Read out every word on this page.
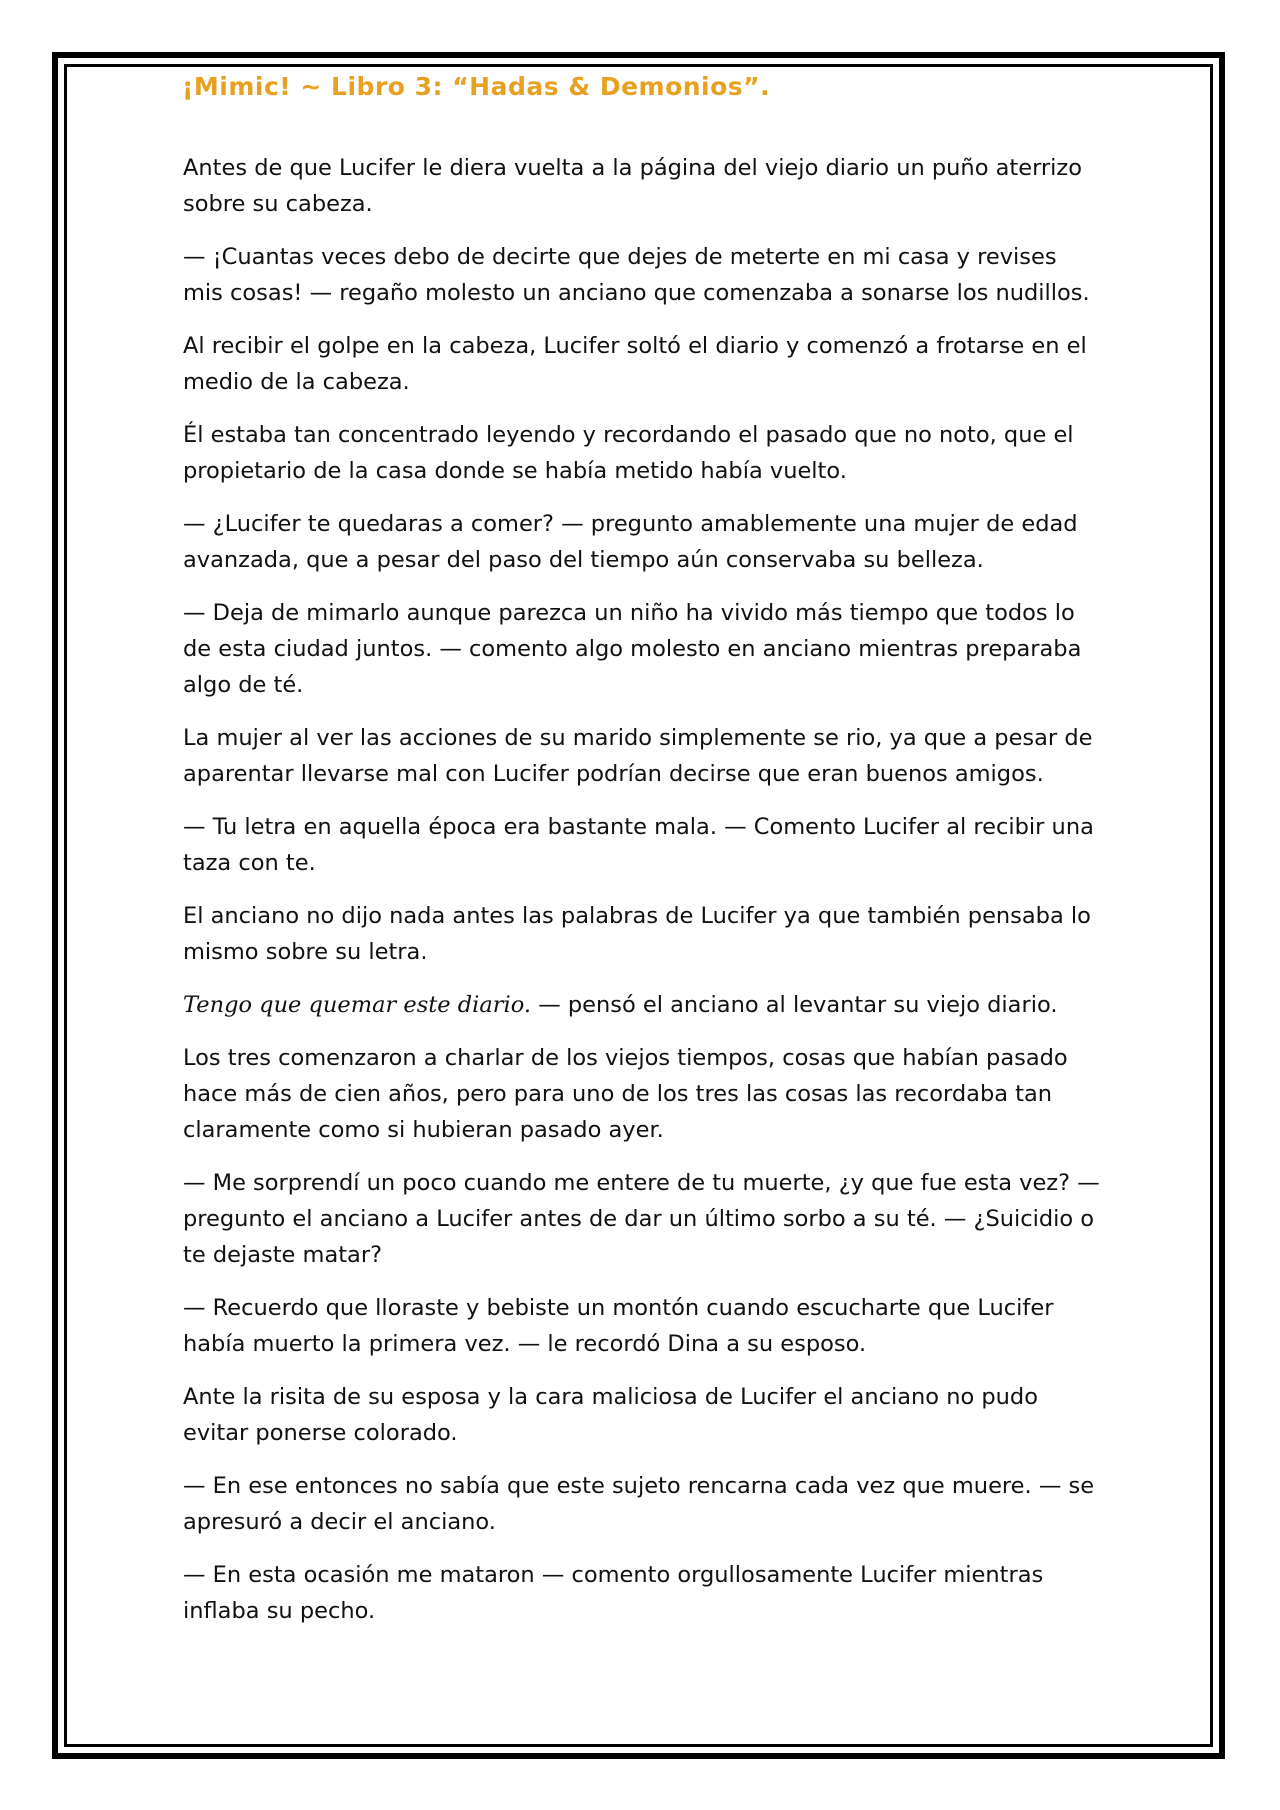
¡Mimic! ~ Libro 3: “Hadas & Demonios”.

Antes de que Lucifer le diera vuelta a la página del viejo diario un puño aterrizo sobre su cabeza.

— ¡Cuantas veces debo de decirte que dejes de meterte en mi casa y revises mis cosas! — regaño molesto un anciano que comenzaba a sonarse los nudillos.

Al recibir el golpe en la cabeza, Lucifer soltó el diario y comenzó a frotarse en el medio de la cabeza.

Él estaba tan concentrado leyendo y recordando el pasado que no noto, que el propietario de la casa donde se había metido había vuelto.

— ¿Lucifer te quedaras a comer? — pregunto amablemente una mujer de edad avanzada, que a pesar del paso del tiempo aún conservaba su belleza.

— Deja de mimarlo aunque parezca un niño ha vivido más tiempo que todos lo de esta ciudad juntos. — comento algo molesto en anciano mientras preparaba algo de té.

La mujer al ver las acciones de su marido simplemente se rio, ya que a pesar de aparentar llevarse mal con Lucifer podrían decirse que eran buenos amigos.

— Tu letra en aquella época era bastante mala. — Comento Lucifer al recibir una taza con te.

El anciano no dijo nada antes las palabras de Lucifer ya que también pensaba lo mismo sobre su letra.

Tengo que quemar este diario. — pensó el anciano al levantar su viejo diario.

Los tres comenzaron a charlar de los viejos tiempos, cosas que habían pasado hace más de cien años, pero para uno de los tres las cosas las recordaba tan claramente como si hubieran pasado ayer.

— Me sorprendí un poco cuando me entere de tu muerte, ¿y que fue esta vez? — pregunto el anciano a Lucifer antes de dar un último sorbo a su té. — ¿Suicidio o te dejaste matar?

— Recuerdo que lloraste y bebiste un montón cuando escucharte que Lucifer había muerto la primera vez. — le recordó Dina a su esposo.

Ante la risita de su esposa y la cara maliciosa de Lucifer el anciano no pudo evitar ponerse colorado.

— En ese entonces no sabía que este sujeto rencarna cada vez que muere. — se apresuró a decir el anciano.

— En esta ocasión me mataron — comento orgullosamente Lucifer mientras inflaba su pecho.
